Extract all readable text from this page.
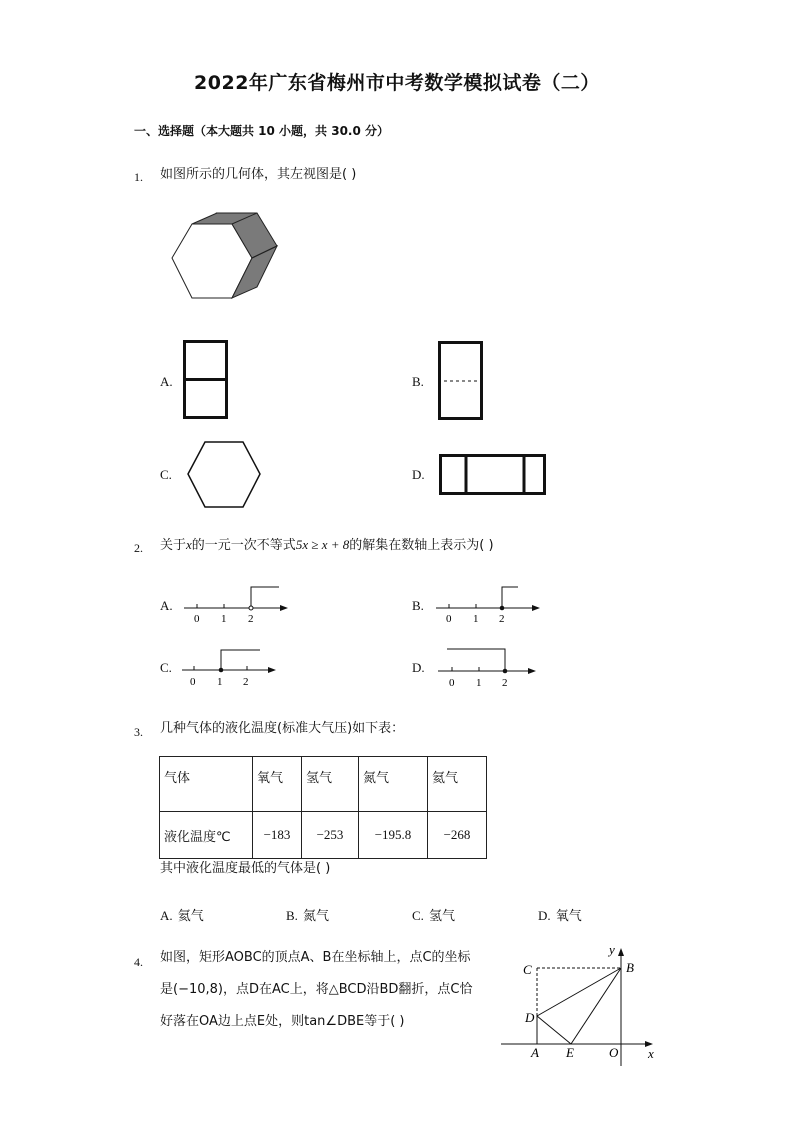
2022年广东省梅州市中考数学模拟试卷（二）
一、选择题（本大题共 10 小题，共 30.0 分）
1. 如图所示的几何体，其左视图是( )
A.	B.
C.	D.
2. 关于x的一元一次不等式5x ≥ x + 8的解集在数轴上表示为( )
A.
0 1 2
B.
0 1 2
C.
0 1 2
D.
0 1 2
3. 几种气体的液化温度(标准大气压)如下表：
气体	氧气	氢气	氮气	氦气
液化温度℃	−183	−253	−195.8	−268
其中液化温度最低的气体是( )
A. 氦气	B. 氮气	C. 氢气	D. 氧气
4. 如图，矩形AOBC的顶点A、B在坐标轴上，点C的坐标
是(−10,8)，点D在AC上，将△BCD沿BD翻折，点C恰
好落在OA边上点E处，则tan∠DBE等于( )
y
x
C	B
D
A E	O
